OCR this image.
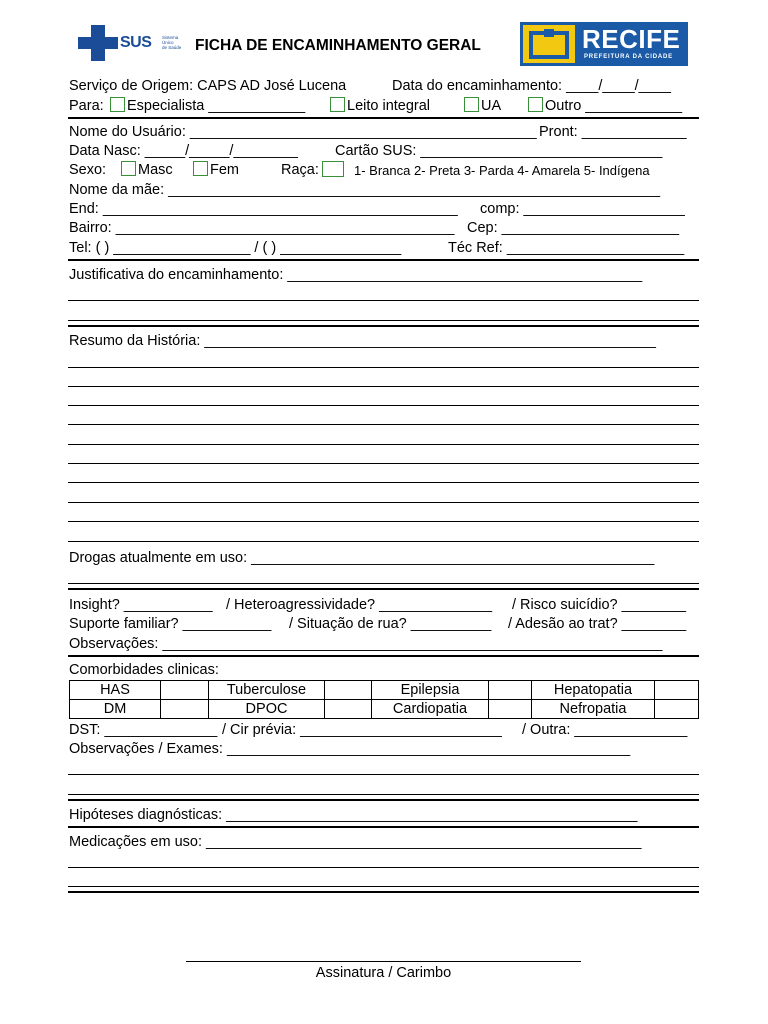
SUS Sistema
Único
de Saúde FICHA DE ENCAMINHAMENTO GERAL	RECIFE
PREFEITURA DA CIDADE
Serviço de Origem: CAPS AD José Lucena	Data do encaminhamento: ____/____/____
Para:	Especialista ____________	Leito integral	UA	Outro ____________
Nome do Usuário: ___________________________________________ Pront: _____________
Data Nasc: _____/_____/________	Cartão SUS: ______________________________
Sexo:	Masc	Fem	Raça:	1- Branca 2- Preta 3- Parda 4- Amarela 5- Indígena
Nome da mãe: _____________________________________________________________
End: ____________________________________________ comp: ____________________
Bairro: __________________________________________ Cep: ______________________
Tel: ( ) _________________ / ( ) _______________	Téc Ref: ______________________
Justificativa do encaminhamento: ____________________________________________
Resumo da História: ________________________________________________________
Drogas atualmente em uso: __________________________________________________
Insight? ___________ / Heteroagressividade? ______________ / Risco suicídio? ________
Suporte familiar? ___________ / Situação de rua? __________ / Adesão ao trat? ________
Observações: ______________________________________________________________
Comorbidades clinicas:
HAS		Tuberculose		Epilepsia		Hepatopatia	
DM		DPOC		Cardiopatia		Nefropatia	
DST: ______________ / Cir prévia: _________________________ / Outra: ______________
Observações / Exames: __________________________________________________
Hipóteses diagnósticas: ___________________________________________________
Medicações em uso: ______________________________________________________
Assinatura / Carimbo
